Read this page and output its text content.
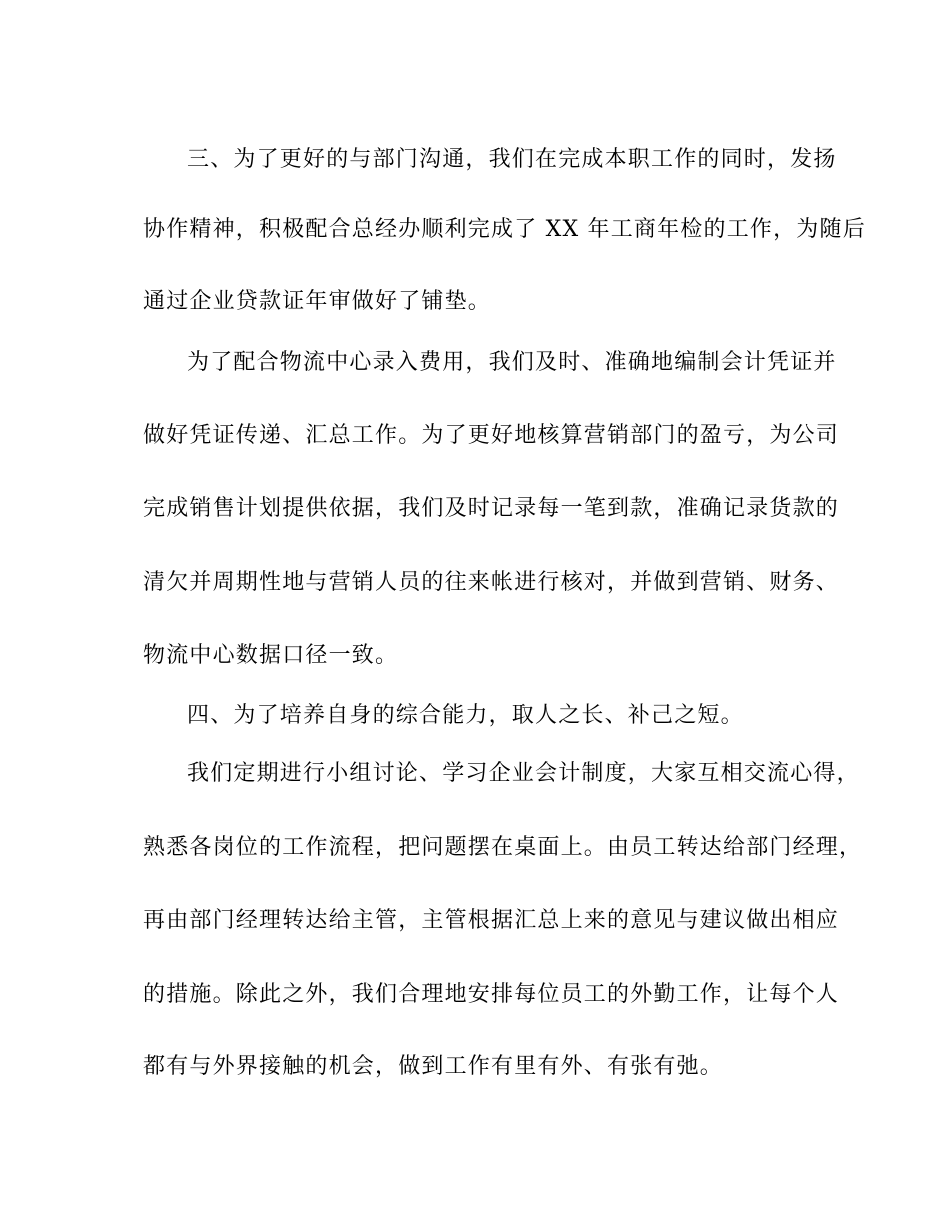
三、为了更好的与部门沟通，我们在完成本职工作的同时，发扬
协作精神，积极配合总经办顺利完成了 XX 年工商年检的工作，为随后
通过企业贷款证年审做好了铺垫。
为了配合物流中心录入费用，我们及时、准确地编制会计凭证并
做好凭证传递、汇总工作。为了更好地核算营销部门的盈亏，为公司
完成销售计划提供依据，我们及时记录每一笔到款，准确记录货款的
清欠并周期性地与营销人员的往来帐进行核对，并做到营销、财务、
物流中心数据口径一致。
四、为了培养自身的综合能力，取人之长、补己之短。
我们定期进行小组讨论、学习企业会计制度，大家互相交流心得，
熟悉各岗位的工作流程，把问题摆在桌面上。由员工转达给部门经理，
再由部门经理转达给主管，主管根据汇总上来的意见与建议做出相应
的措施。除此之外，我们合理地安排每位员工的外勤工作，让每个人
都有与外界接触的机会，做到工作有里有外、有张有弛。
